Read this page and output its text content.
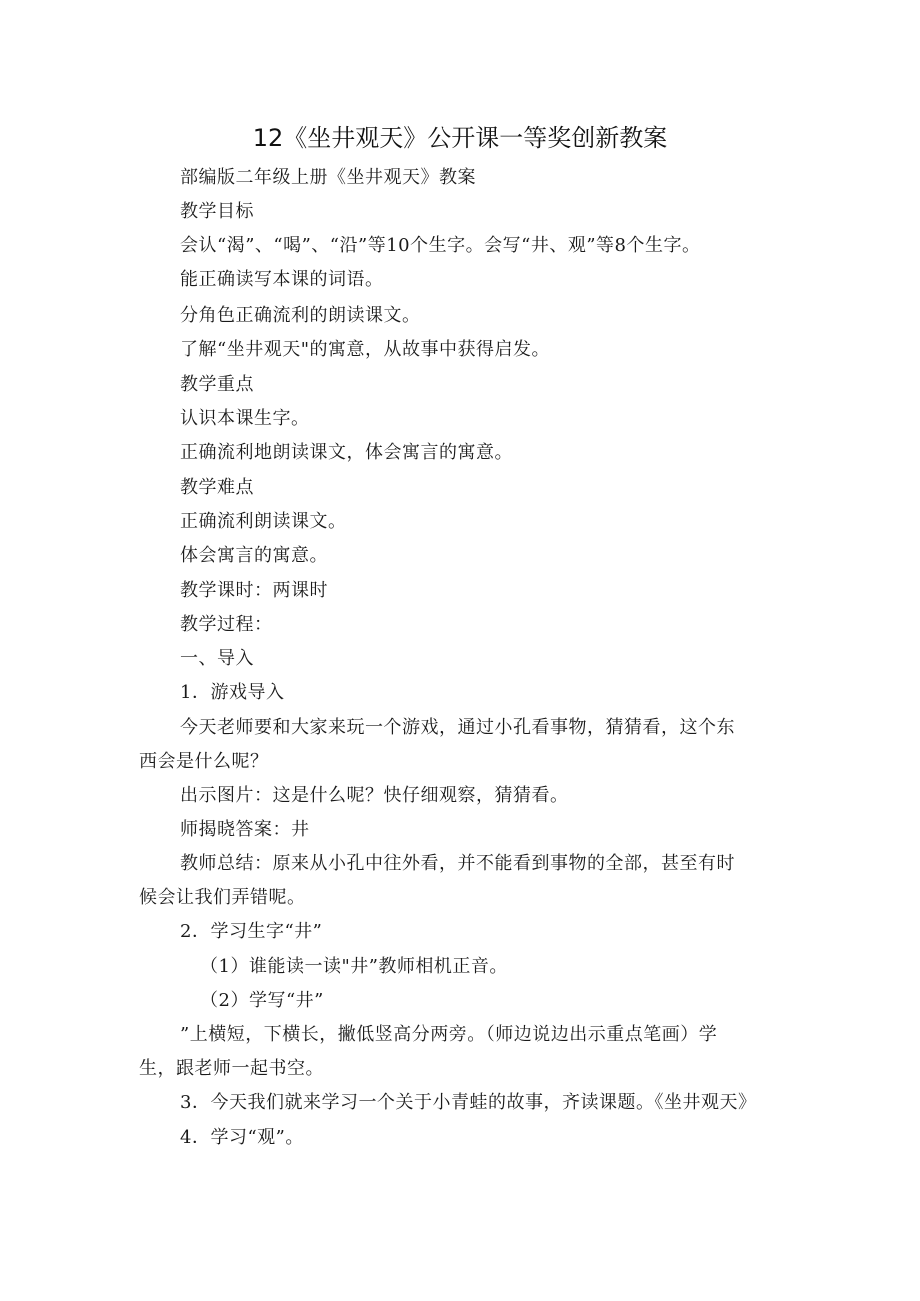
12《坐井观天》公开课一等奖创新教案
部编版二年级上册《坐井观天》教案
教学目标
会认“渴”、“喝”、“沿”等10个生字。会写“井、观”等8个生字。
能正确读写本课的词语。
分角色正确流利的朗读课文。
了解“坐井观天"的寓意，从故事中获得启发。
教学重点
认识本课生字。
正确流利地朗读课文，体会寓言的寓意。
教学难点
正确流利朗读课文。
体会寓言的寓意。
教学课时：两课时
教学过程：
一、导入
1．游戏导入
今天老师要和大家来玩一个游戏，通过小孔看事物，猜猜看，这个东
西会是什么呢？
出示图片：这是什么呢？快仔细观察，猜猜看。
师揭晓答案：井
教师总结：原来从小孔中往外看，并不能看到事物的全部，甚至有时
候会让我们弄错呢。
2．学习生字“井”
（1）谁能读一读"井”教师相机正音。
（2）学写“井”
”上横短，下横长，撇低竖高分两旁。（师边说边出示重点笔画）学
生，跟老师一起书空。
3．今天我们就来学习一个关于小青蛙的故事，齐读课题。《坐井观天》
4．学习“观”。
